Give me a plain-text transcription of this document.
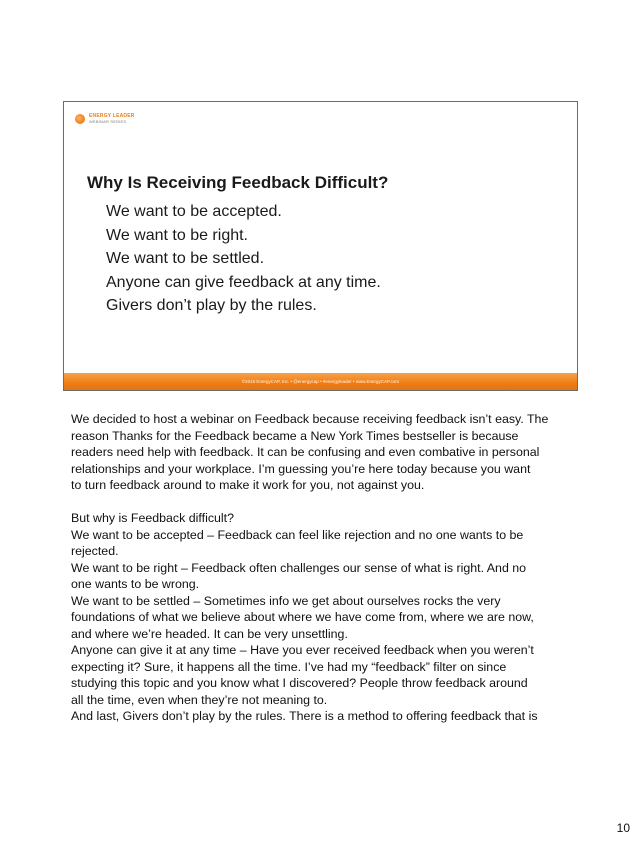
ENERGY LEADER
WEBINAR SERIES
Why Is Receiving Feedback Difficult?
We want to be accepted.
We want to be right.
We want to be settled.
Anyone can give feedback at any time.
Givers don’t play by the rules.
©2015 EnergyCAP, Inc. • @energycap • #energyleader • www.EnergyCAP.com

We decided to host a webinar on Feedback because receiving feedback isn’t easy. The

reason Thanks for the Feedback became a New York Times bestseller is because

readers need help with feedback. It can be confusing and even combative in personal

relationships and your workplace. I’m guessing you’re here today because you want

to turn feedback around to make it work for you, not against you.

But why is Feedback difficult?

We want to be accepted – Feedback can feel like rejection and no one wants to be

rejected.

We want to be right – Feedback often challenges our sense of what is right. And no

one wants to be wrong.

We want to be settled – Sometimes info we get about ourselves rocks the very

foundations of what we believe about where we have come from, where we are now,

and where we’re headed. It can be very unsettling.

Anyone can give it at any time – Have you ever received feedback when you weren’t

expecting it? Sure, it happens all the time. I’ve had my “feedback” filter on since

studying this topic and you know what I discovered? People throw feedback around

all the time, even when they’re not meaning to.

And last, Givers don’t play by the rules. There is a method to offering feedback that is

10
